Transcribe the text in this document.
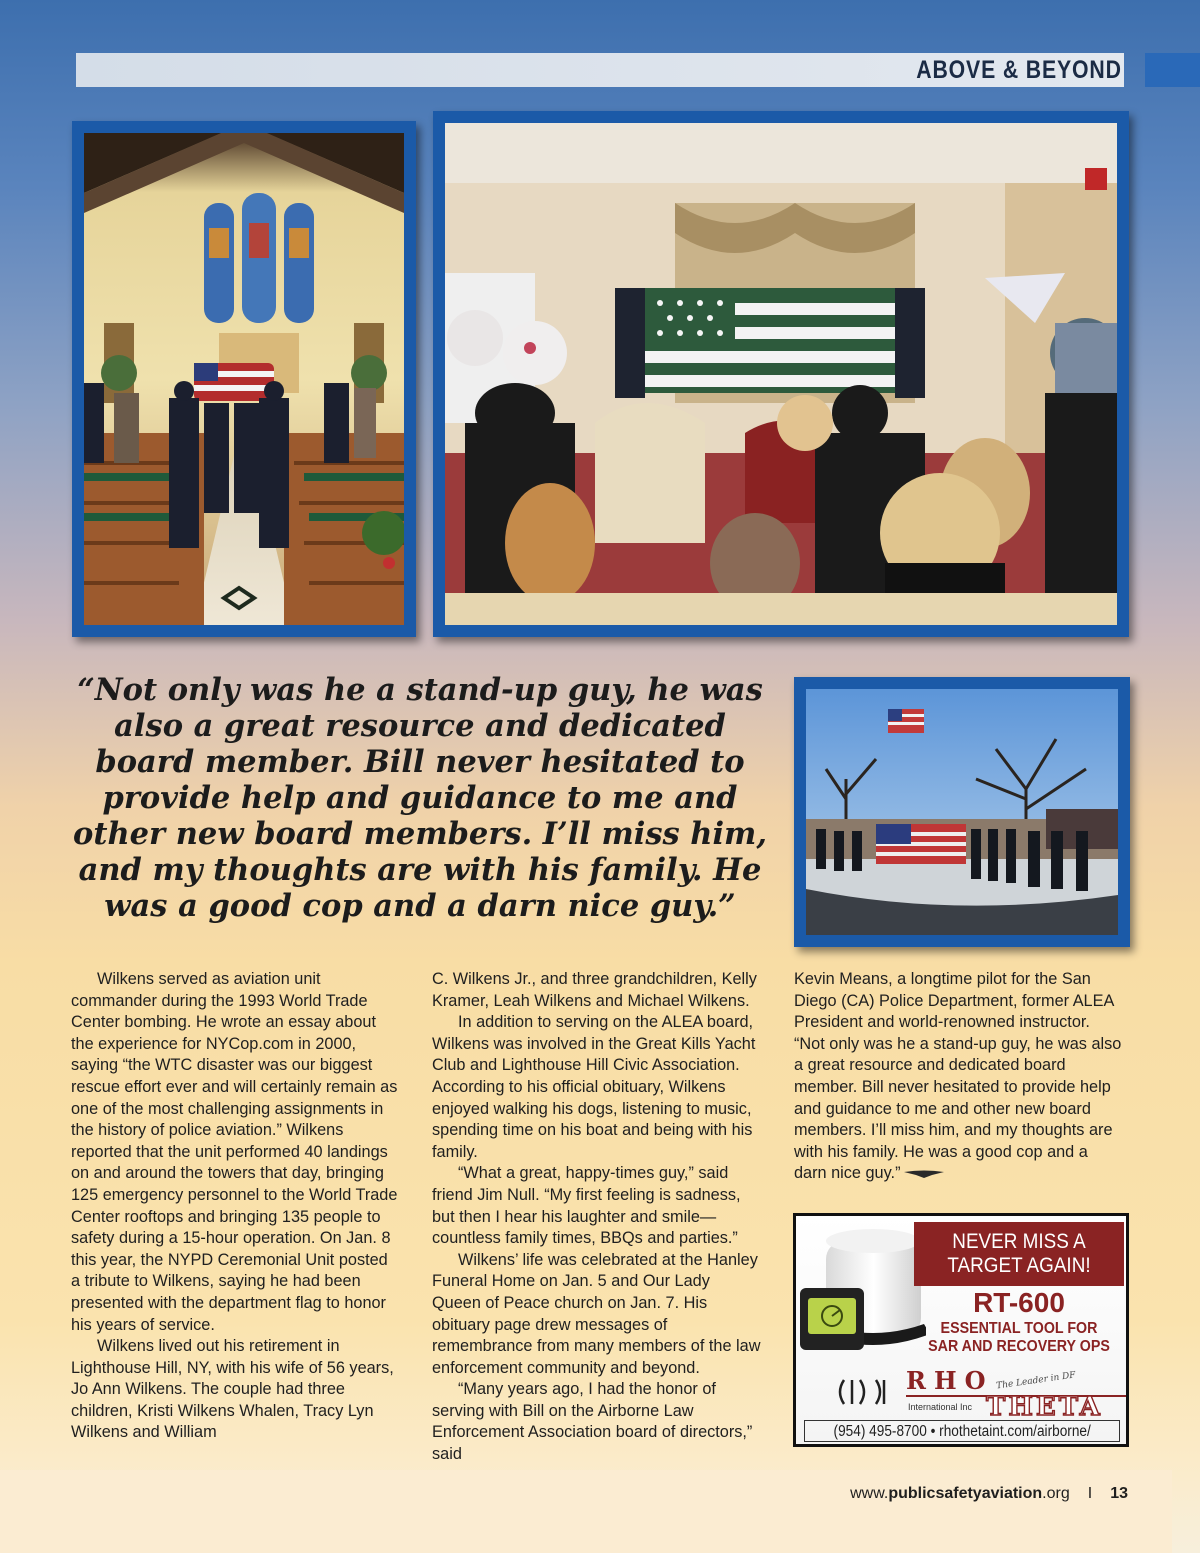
ABOVE & BEYOND
“Not only was he a stand-up guy, he was also a great resource and dedicated board member. Bill never hesitated to provide help and guidance to me and other new board members. I’ll miss him, and my thoughts are with his family. He was a good cop and a darn nice guy.”

Wilkens served as aviation unit commander during the 1993 World Trade Center bombing. He wrote an essay about the experience for NYCop.com in 2000, saying “the WTC disaster was our biggest rescue effort ever and will certainly remain as one of the most challenging assignments in the history of police aviation.” Wilkens reported that the unit performed 40 landings on and around the towers that day, bringing 125 emergency personnel to the World Trade Center rooftops and bringing 135 people to safety during a 15-hour operation. On Jan. 8 this year, the NYPD Ceremonial Unit posted a tribute to Wilkens, saying he had been presented with the department flag to honor his years of service.

Wilkens lived out his retirement in Lighthouse Hill, NY, with his wife of 56 years, Jo Ann Wilkens. The couple had three children, Kristi Wilkens Whalen, Tracy Lyn Wilkens and William

C. Wilkens Jr., and three grandchildren, Kelly Kramer, Leah Wilkens and Michael Wilkens.

In addition to serving on the ALEA board, Wilkens was involved in the Great Kills Yacht Club and Lighthouse Hill Civic Association. According to his official obituary, Wilkens enjoyed walking his dogs, listening to music, spending time on his boat and being with his family.

“What a great, happy-times guy,” said friend Jim Null. “My first feeling is sadness, but then I hear his laughter and smile—countless family times, BBQs and parties.”

Wilkens’ life was celebrated at the Hanley Funeral Home on Jan. 5 and Our Lady Queen of Peace church on Jan. 7. His obituary page drew messages of remembrance from many members of the law enforcement community and beyond.

“Many years ago, I had the honor of serving with Bill on the Airborne Law Enforcement Association board of directors,” said

Kevin Means, a longtime pilot for the San Diego (CA) Police Department, former ALEA President and world-renowned instructor. “Not only was he a stand-up guy, he was also a great resource and dedicated board member. Bill never hesitated to provide help and guidance to me and other new board members. I’ll miss him, and my thoughts are with his family. He was a good cop and a darn nice guy.”

NEVER MISS A
TARGET AGAIN!
RT-600
ESSENTIAL TOOL FOR
SAR AND RECOVERY OPS
RHO The Leader in DF
International Inc THETA
(954) 495-8700 • rhothetaint.com/airborne/
www.publicsafetyaviation.org I 13
